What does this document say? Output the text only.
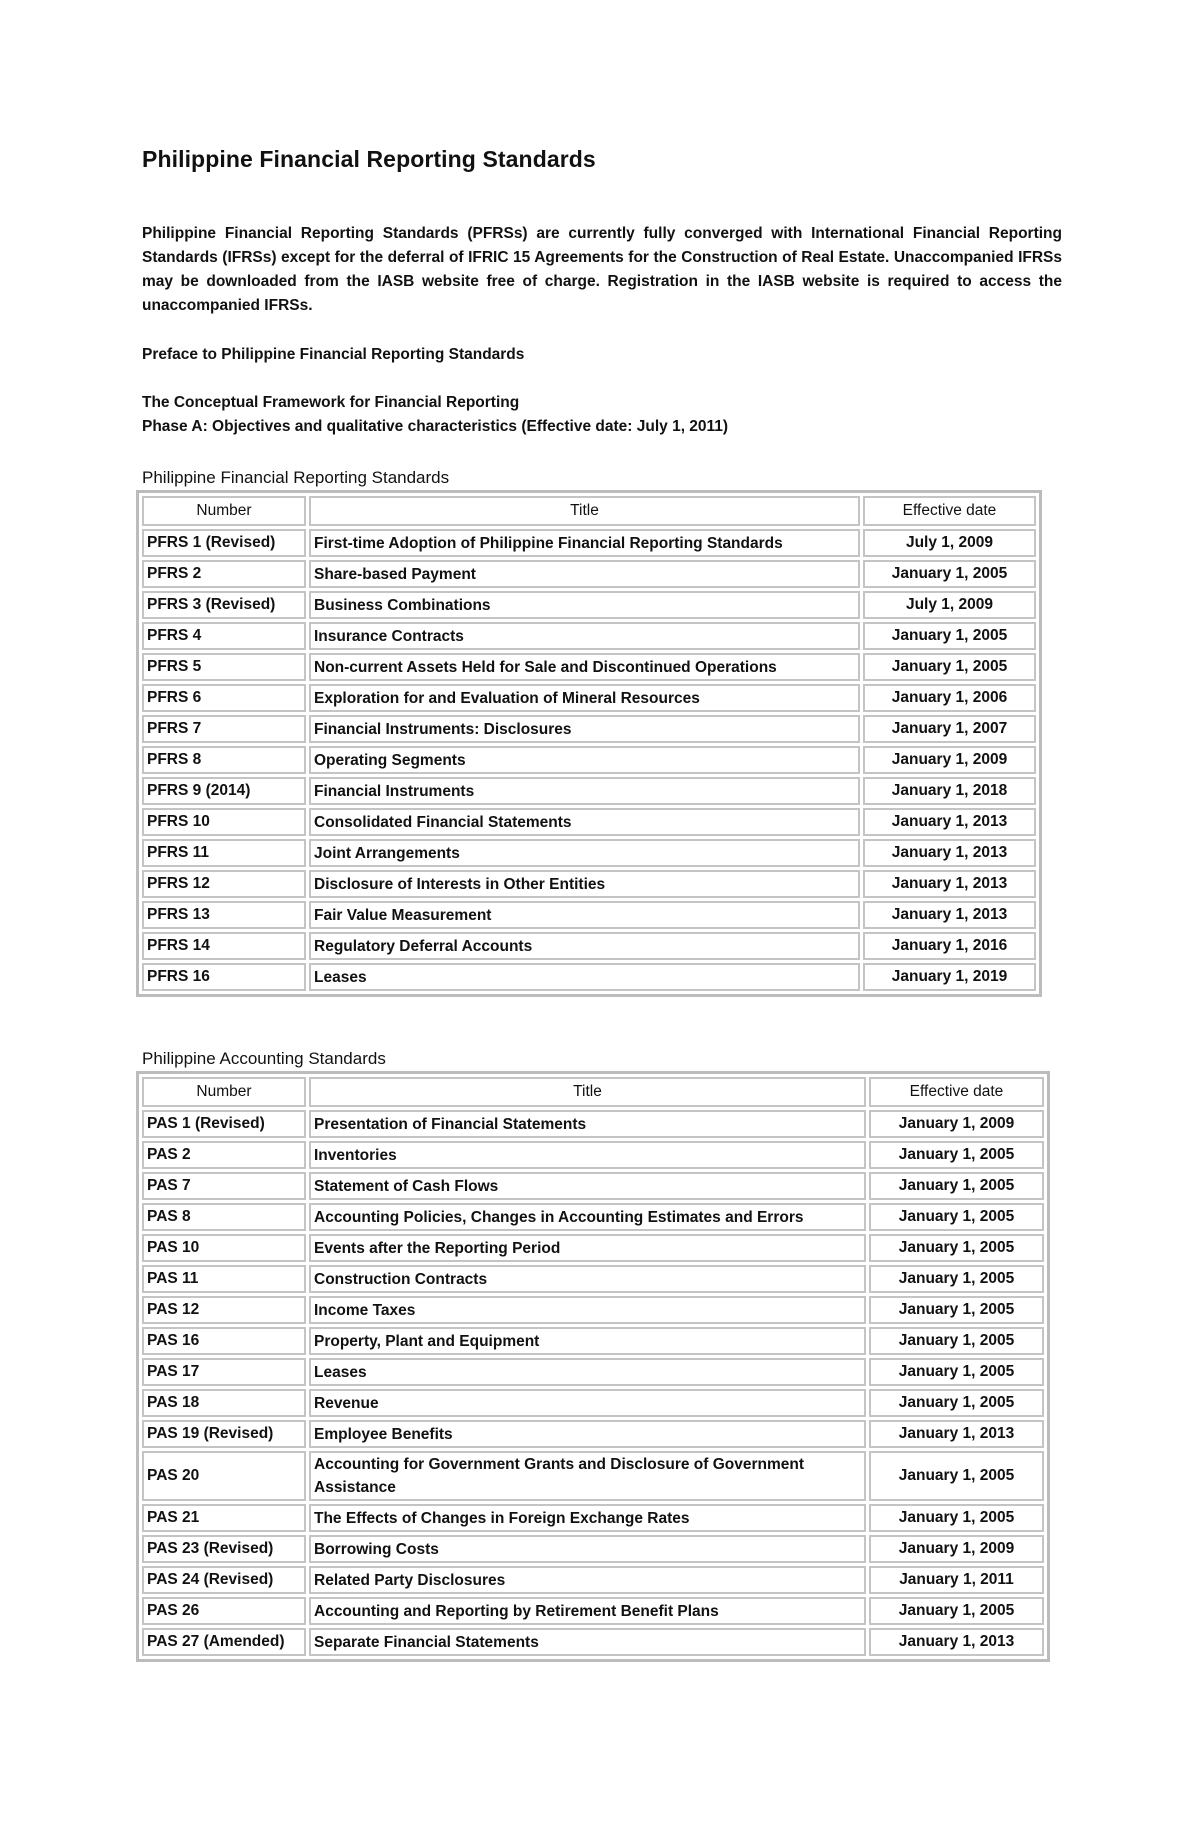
Philippine Financial Reporting Standards

Philippine Financial Reporting Standards (PFRSs) are currently fully converged with International Financial Reporting Standards (IFRSs) except for the deferral of IFRIC 15 Agreements for the Construction of Real Estate. Unaccompanied IFRSs may be downloaded from the IASB website free of charge. Registration in the IASB website is required to access the unaccompanied IFRSs.

Preface to Philippine Financial Reporting Standards

The Conceptual Framework for Financial Reporting

Phase A: Objectives and qualitative characteristics (Effective date: July 1, 2011)

Philippine Financial Reporting Standards

Number	Title	Effective date
PFRS 1 (Revised)	First-time Adoption of Philippine Financial Reporting Standards	July 1, 2009
PFRS 2	Share-based Payment	January 1, 2005
PFRS 3 (Revised)	Business Combinations	July 1, 2009
PFRS 4	Insurance Contracts	January 1, 2005
PFRS 5	Non-current Assets Held for Sale and Discontinued Operations	January 1, 2005
PFRS 6	Exploration for and Evaluation of Mineral Resources	January 1, 2006
PFRS 7	Financial Instruments: Disclosures	January 1, 2007
PFRS 8	Operating Segments	January 1, 2009
PFRS 9 (2014)	Financial Instruments	January 1, 2018
PFRS 10	Consolidated Financial Statements	January 1, 2013
PFRS 11	Joint Arrangements	January 1, 2013
PFRS 12	Disclosure of Interests in Other Entities	January 1, 2013
PFRS 13	Fair Value Measurement	January 1, 2013
PFRS 14	Regulatory Deferral Accounts	January 1, 2016
PFRS 16	Leases	January 1, 2019

Philippine Accounting Standards

Number	Title	Effective date
PAS 1 (Revised)	Presentation of Financial Statements	January 1, 2009
PAS 2	Inventories	January 1, 2005
PAS 7	Statement of Cash Flows	January 1, 2005
PAS 8	Accounting Policies, Changes in Accounting Estimates and Errors	January 1, 2005
PAS 10	Events after the Reporting Period	January 1, 2005
PAS 11	Construction Contracts	January 1, 2005
PAS 12	Income Taxes	January 1, 2005
PAS 16	Property, Plant and Equipment	January 1, 2005
PAS 17	Leases	January 1, 2005
PAS 18	Revenue	January 1, 2005
PAS 19 (Revised)	Employee Benefits	January 1, 2013
PAS 20	Accounting for Government Grants and Disclosure of Government Assistance	January 1, 2005
PAS 21	The Effects of Changes in Foreign Exchange Rates	January 1, 2005
PAS 23 (Revised)	Borrowing Costs	January 1, 2009
PAS 24 (Revised)	Related Party Disclosures	January 1, 2011
PAS 26	Accounting and Reporting by Retirement Benefit Plans	January 1, 2005
PAS 27 (Amended)	Separate Financial Statements	January 1, 2013
